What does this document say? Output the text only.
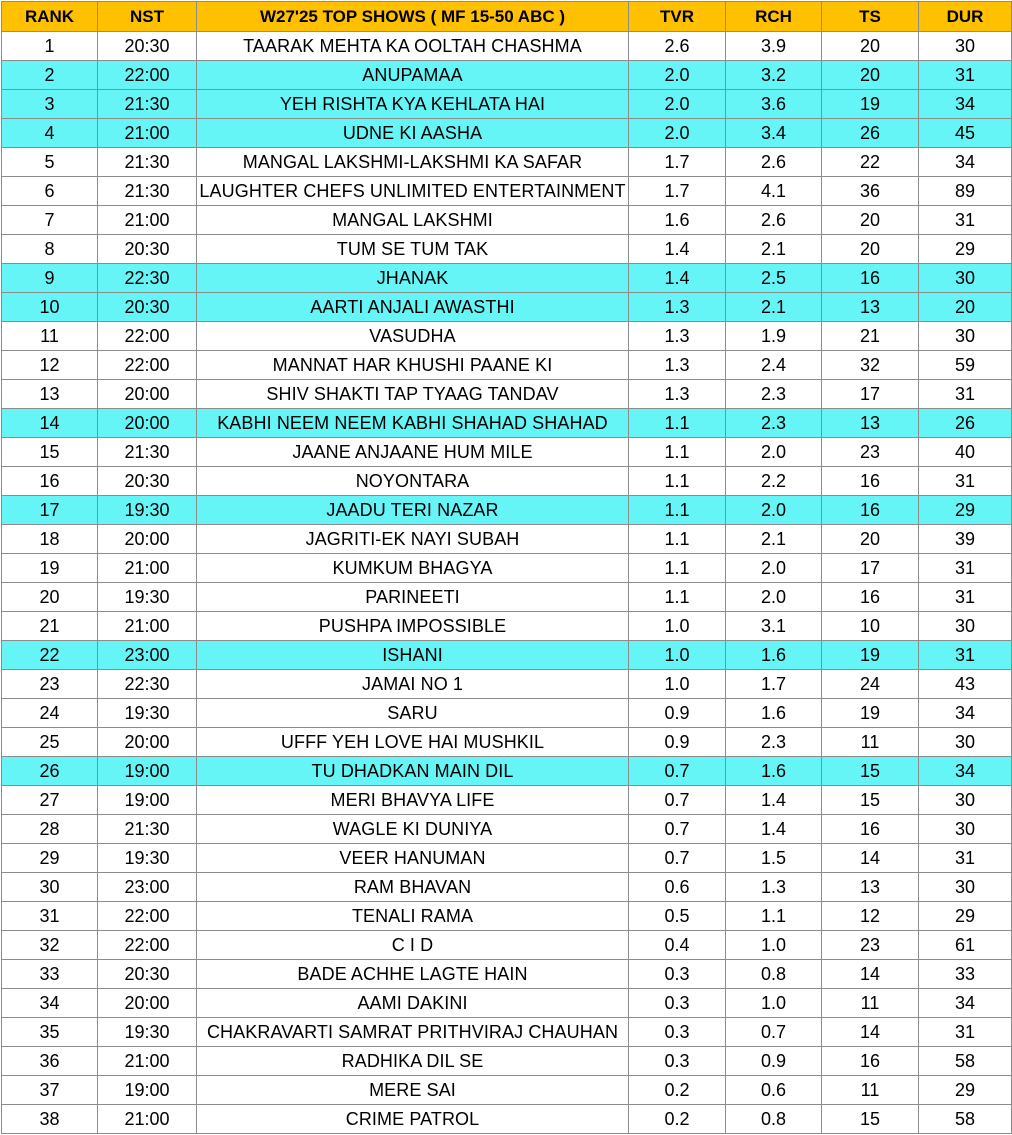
RANK	NST	W27'25 TOP SHOWS ( MF 15-50 ABC )	TVR	RCH	TS	DUR
1	20:30	TAARAK MEHTA KA OOLTAH CHASHMA	2.6	3.9	20	30
2	22:00	ANUPAMAA	2.0	3.2	20	31
3	21:30	YEH RISHTA KYA KEHLATA HAI	2.0	3.6	19	34
4	21:00	UDNE KI AASHA	2.0	3.4	26	45
5	21:30	MANGAL LAKSHMI-LAKSHMI KA SAFAR	1.7	2.6	22	34
6	21:30	LAUGHTER CHEFS UNLIMITED ENTERTAINMENT	1.7	4.1	36	89
7	21:00	MANGAL LAKSHMI	1.6	2.6	20	31
8	20:30	TUM SE TUM TAK	1.4	2.1	20	29
9	22:30	JHANAK	1.4	2.5	16	30
10	20:30	AARTI ANJALI AWASTHI	1.3	2.1	13	20
11	22:00	VASUDHA	1.3	1.9	21	30
12	22:00	MANNAT HAR KHUSHI PAANE KI	1.3	2.4	32	59
13	20:00	SHIV SHAKTI TAP TYAAG TANDAV	1.3	2.3	17	31
14	20:00	KABHI NEEM NEEM KABHI SHAHAD SHAHAD	1.1	2.3	13	26
15	21:30	JAANE ANJAANE HUM MILE	1.1	2.0	23	40
16	20:30	NOYONTARA	1.1	2.2	16	31
17	19:30	JAADU TERI NAZAR	1.1	2.0	16	29
18	20:00	JAGRITI-EK NAYI SUBAH	1.1	2.1	20	39
19	21:00	KUMKUM BHAGYA	1.1	2.0	17	31
20	19:30	PARINEETI	1.1	2.0	16	31
21	21:00	PUSHPA IMPOSSIBLE	1.0	3.1	10	30
22	23:00	ISHANI	1.0	1.6	19	31
23	22:30	JAMAI NO 1	1.0	1.7	24	43
24	19:30	SARU	0.9	1.6	19	34
25	20:00	UFFF YEH LOVE HAI MUSHKIL	0.9	2.3	11	30
26	19:00	TU DHADKAN MAIN DIL	0.7	1.6	15	34
27	19:00	MERI BHAVYA LIFE	0.7	1.4	15	30
28	21:30	WAGLE KI DUNIYA	0.7	1.4	16	30
29	19:30	VEER HANUMAN	0.7	1.5	14	31
30	23:00	RAM BHAVAN	0.6	1.3	13	30
31	22:00	TENALI RAMA	0.5	1.1	12	29
32	22:00	C I D	0.4	1.0	23	61
33	20:30	BADE ACHHE LAGTE HAIN	0.3	0.8	14	33
34	20:00	AAMI DAKINI	0.3	1.0	11	34
35	19:30	CHAKRAVARTI SAMRAT PRITHVIRAJ CHAUHAN	0.3	0.7	14	31
36	21:00	RADHIKA DIL SE	0.3	0.9	16	58
37	19:00	MERE SAI	0.2	0.6	11	29
38	21:00	CRIME PATROL	0.2	0.8	15	58
